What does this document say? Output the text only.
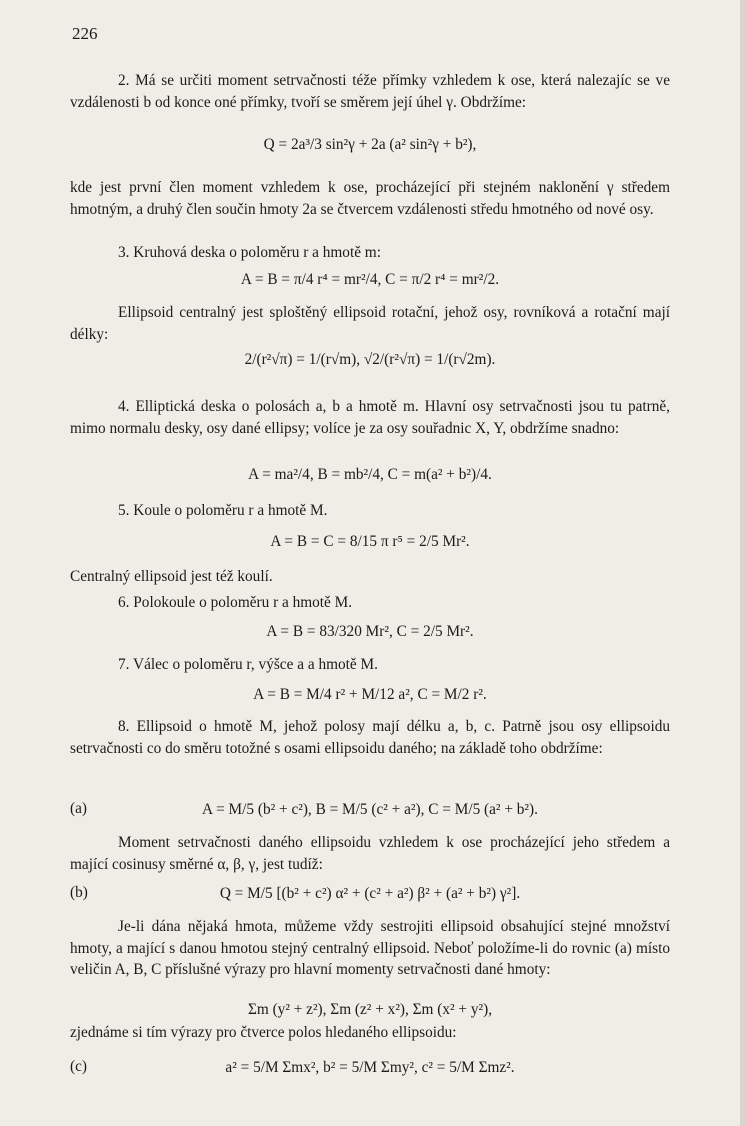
226
2. Má se určiti moment setrvačnosti téže přímky vzhledem k ose, která nalezajíc se ve vzdálenosti b od konce oné přímky, tvoří se směrem její úhel γ. Obdržíme:
Q = 2a³/3 sin²γ + 2a (a² sin²γ + b²),
kde jest první člen moment vzhledem k ose, procházející při stejném naklonění γ středem hmotným, a druhý člen součin hmoty 2a se čtvercem vzdálenosti středu hmotného od nové osy.
3. Kruhová deska o poloměru r a hmotě m:
A = B = π/4 r⁴ = mr²/4, C = π/2 r⁴ = mr²/2.
Ellipsoid centralný jest sploštěný ellipsoid rotační, jehož osy, rovníková a rotační mají délky:
2/(r²√π) = 1/(r√m), √2/(r²√π) = 1/(r√2m).
4. Elliptická deska o polosách a, b a hmotě m. Hlavní osy setrvačnosti jsou tu patrně, mimo normalu desky, osy dané ellipsy; volíce je za osy souřadnic X, Y, obdržíme snadno:
A = ma²/4, B = mb²/4, C = m(a² + b²)/4.
5. Koule o poloměru r a hmotě M.
A = B = C = 8/15 π r⁵ = 2/5 Mr².
Centralný ellipsoid jest též koulí.
6. Polokoule o poloměru r a hmotě M.
A = B = 83/320 Mr², C = 2/5 Mr².
7. Válec o poloměru r, výšce a a hmotě M.
A = B = M/4 r² + M/12 a², C = M/2 r².
8. Ellipsoid o hmotě M, jehož polosy mají délku a, b, c. Patrně jsou osy ellipsoidu setrvačnosti co do směru totožné s osami ellipsoidu daného; na základě toho obdržíme:
(a)	A = M/5 (b² + c²), B = M/5 (c² + a²), C = M/5 (a² + b²).
Moment setrvačnosti daného ellipsoidu vzhledem k ose procházející jeho středem a mající cosinusy směrné α, β, γ, jest tudíž:
(b)	Q = M/5 [(b² + c²) α² + (c² + a²) β² + (a² + b²) γ²].
Je-li dána nějaká hmota, můžeme vždy sestrojiti ellipsoid obsahující stejné množství hmoty, a mající s danou hmotou stejný centralný ellipsoid. Neboť položíme-li do rovnic (a) místo veličin A, B, C příslušné výrazy pro hlavní momenty setrvačnosti dané hmoty:
Σm (y² + z²), Σm (z² + x²), Σm (x² + y²),
zjednáme si tím výrazy pro čtverce polos hledaného ellipsoidu:
(c)	a² = 5/M Σmx², b² = 5/M Σmy², c² = 5/M Σmz².
